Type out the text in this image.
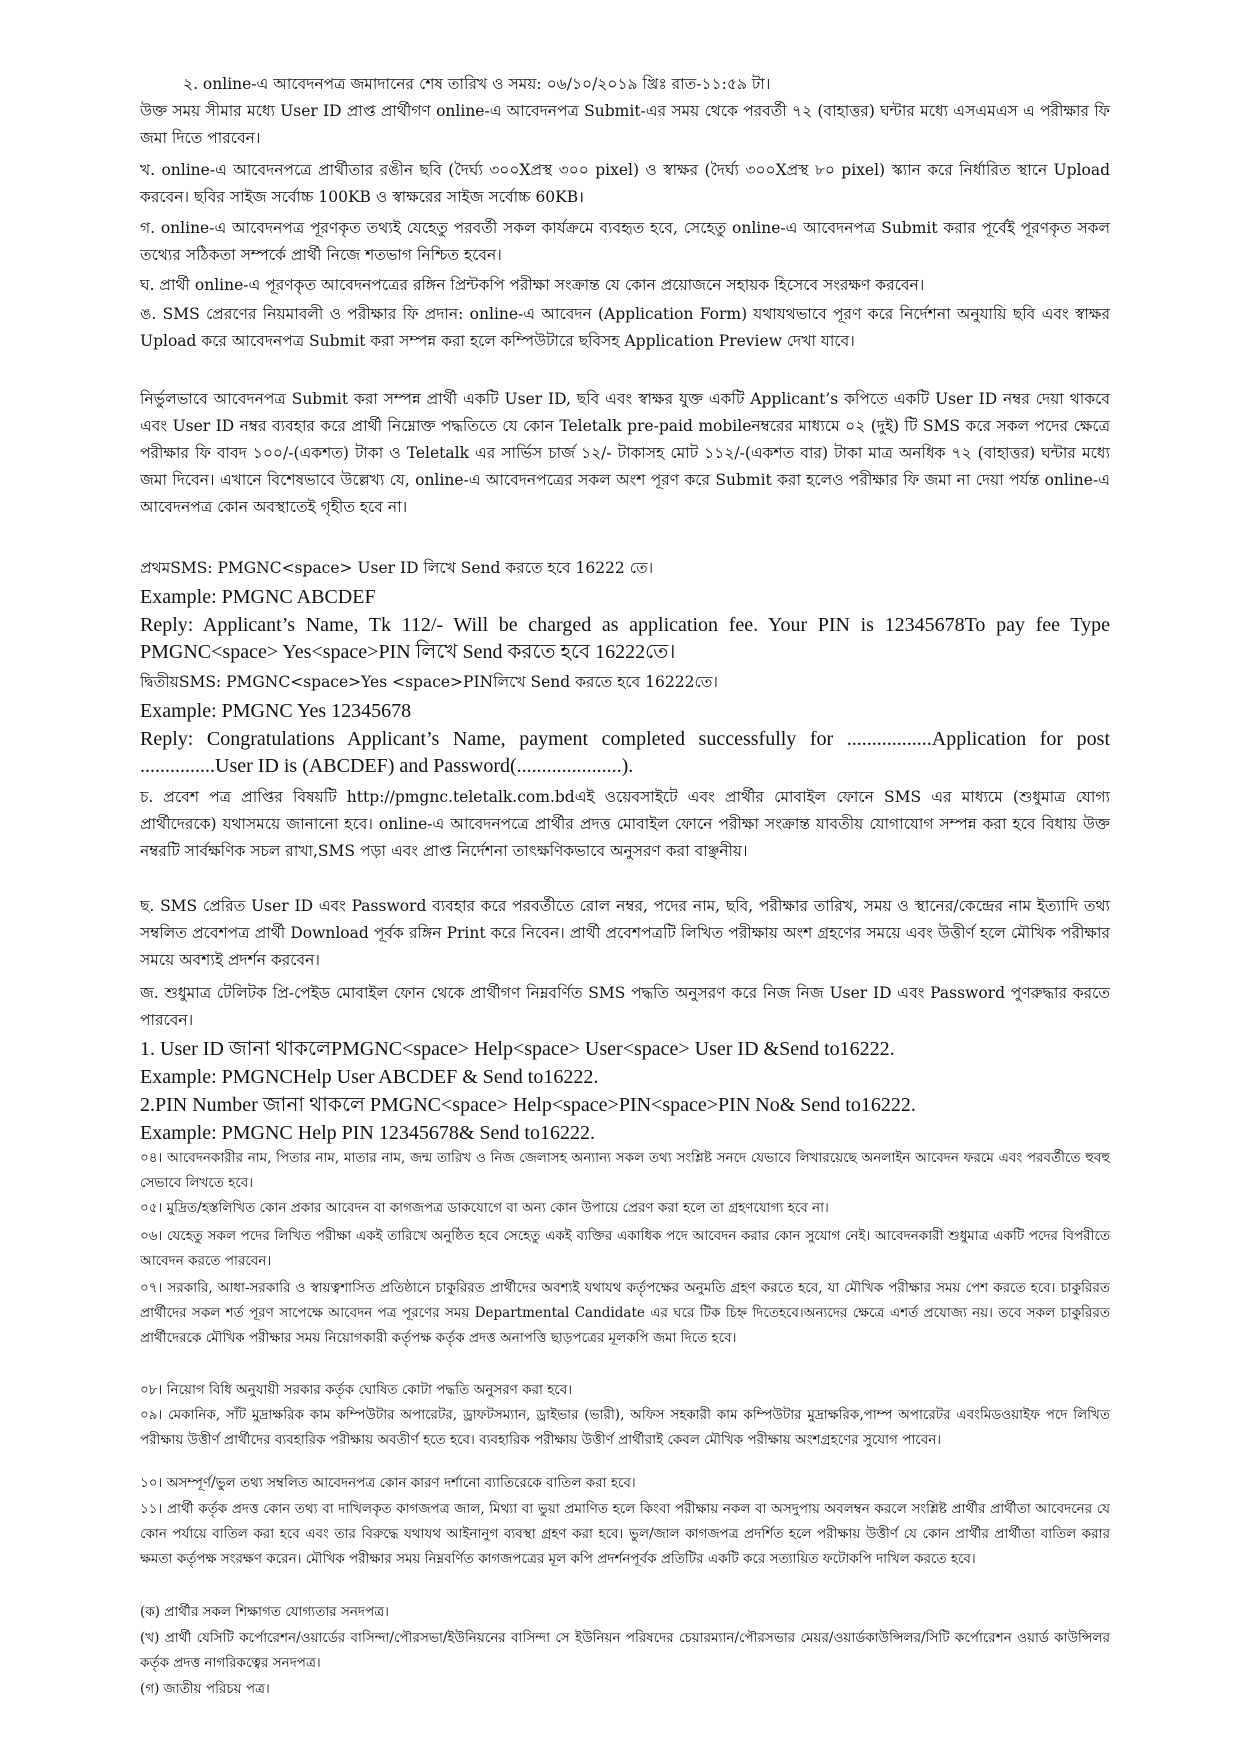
২. online-এ আবেদনপত্র জমাদানের শেষ তারিখ ও সময়: ০৬/১০/২০১৯ খ্রিঃ রাত-১১:৫৯ টা।

উক্ত সময় সীমার মধ্যে User ID প্রাপ্ত প্রার্থীগণ online-এ আবেদনপত্র Submit-এর সময় থেকে পরবর্তী ৭২ (বাহাত্তর) ঘন্টার মধ্যে এসএমএস এ পরীক্ষার ফি জমা দিতে পারবেন।

খ. online-এ আবেদনপত্রে প্রার্থীতার রঙীন ছবি (দৈর্ঘ্য ৩০০Xপ্রস্থ ৩০০ pixel) ও স্বাক্ষর (দৈর্ঘ্য ৩০০Xপ্রস্থ ৮০ pixel) স্ক্যান করে নির্ধারিত স্থানে Upload করবেন। ছবির সাইজ সর্বোচ্চ 100KB ও স্বাক্ষরের সাইজ সর্বোচ্চ 60KB।

গ. online-এ আবেদনপত্র পূরণকৃত তথ্যই যেহেতু পরবর্তী সকল কার্যক্রমে ব্যবহৃত হবে, সেহেতু online-এ আবেদনপত্র Submit করার পূর্বেই পূরণকৃত সকল তথ্যের সঠিকতা সম্পর্কে প্রার্থী নিজে শতভাগ নিশ্চিত হবেন।

ঘ. প্রার্থী online-এ পূরণকৃত আবেদনপত্রের রঙ্গিন প্রিন্টকপি পরীক্ষা সংক্রান্ত যে কোন প্রয়োজনে সহায়ক হিসেবে সংরক্ষণ করবেন।

ঙ. SMS প্রেরণের নিয়মাবলী ও পরীক্ষার ফি প্রদান: online-এ আবেদন (Application Form) যথাযথভাবে পূরণ করে নির্দেশনা অনুযায়ি ছবি এবং স্বাক্ষর Upload করে আবেদনপত্র Submit করা সম্পন্ন করা হলে কম্পিউটারে ছবিসহ Application Preview দেখা যাবে।

নির্ভুলভাবে আবেদনপত্র Submit করা সম্পন্ন প্রার্থী একটি User ID, ছবি এবং স্বাক্ষর যুক্ত একটি Applicant’s কপিতে একটি User ID নম্বর দেয়া থাকবে এবং User ID নম্বর ব্যবহার করে প্রার্থী নিম্নোক্ত পদ্ধতিতে যে কোন Teletalk pre-paid mobileনম্বরের মাধ্যমে ০২ (দুই) টি SMS করে সকল পদের ক্ষেত্রে পরীক্ষার ফি বাবদ ১০০/-(একশত) টাকা ও Teletalk এর সার্ভিস চার্জ ১২/- টাকাসহ মোট ১১২/-(একশত বার) টাকা মাত্র অনধিক ৭২ (বাহাত্তর) ঘন্টার মধ্যে জমা দিবেন। এখানে বিশেষভাবে উল্লেখ্য যে, online-এ আবেদনপত্রের সকল অংশ পূরণ করে Submit করা হলেও পরীক্ষার ফি জমা না দেয়া পর্যন্ত online-এ আবেদনপত্র কোন অবস্থাতেই গৃহীত হবে না।

প্রথমSMS: PMGNC<space> User ID লিখে Send করতে হবে 16222 তে।

Example: PMGNC ABCDEF

Reply: Applicant’s Name, Tk 112/- Will be charged as application fee. Your PIN is 12345678To pay fee Type PMGNC<space> Yes<space>PIN লিখে Send করতে হবে 16222তে।

দ্বিতীয়SMS: PMGNC<space>Yes <space>PINলিখে Send করতে হবে 16222তে।

Example: PMGNC Yes 12345678

Reply: Congratulations Applicant’s Name, payment completed successfully for .................Application for post ...............User ID is (ABCDEF) and Password(.....................).

চ. প্রবেশ পত্র প্রাপ্তির বিষয়টি http://pmgnc.teletalk.com.bdএই ওয়েবসাইটে এবং প্রার্থীর মোবাইল ফোনে SMS এর মাধ্যমে (শুধুমাত্র যোগ্য প্রার্থীদেরকে) যথাসময়ে জানানো হবে। online-এ আবেদনপত্রে প্রার্থীর প্রদত্ত মোবাইল ফোনে পরীক্ষা সংক্রান্ত যাবতীয় যোগাযোগ সম্পন্ন করা হবে বিধায় উক্ত নম্বরটি সার্বক্ষণিক সচল রাখা,SMS পড়া এবং প্রাপ্ত নির্দেশনা তাৎক্ষণিকভাবে অনুসরণ করা বাঞ্ছনীয়।

ছ. SMS প্রেরিত User ID এবং Password ব্যবহার করে পরবর্তীতে রোল নম্বর, পদের নাম, ছবি, পরীক্ষার তারিখ, সময় ও স্থানের/কেন্দ্রের নাম ইত্যাদি তথ্য সম্বলিত প্রবেশপত্র প্রার্থী Download পূর্বক রঙ্গিন Print করে নিবেন। প্রার্থী প্রবেশপত্রটি লিখিত পরীক্ষায় অংশ গ্রহণের সময়ে এবং উত্তীর্ণ হলে মৌখিক পরীক্ষার সময়ে অবশ্যই প্রদর্শন করবেন।

জ. শুধুমাত্র টেলিটক প্রি-পেইড মোবাইল ফোন থেকে প্রার্থীগণ নিম্নবর্ণিত SMS পদ্ধতি অনুসরণ করে নিজ নিজ User ID এবং Password পুণরুদ্ধার করতে পারবেন।

1. User ID জানা থাকলেPMGNC<space> Help<space> User<space> User ID &Send to16222.

Example: PMGNCHelp User ABCDEF & Send to16222.

2.PIN Number জানা থাকলে PMGNC<space> Help<space>PIN<space>PIN No& Send to16222.

Example: PMGNC Help PIN 12345678& Send to16222.

০৪। আবেদনকারীর নাম, পিতার নাম, মাতার নাম, জন্ম তারিখ ও নিজ জেলাসহ অন্যান্য সকল তথ্য সংশ্লিষ্ট সনদে যেভাবে লিখারয়েছে অনলাইন আবেদন ফরমে এবং পরবর্তীতে হুবহু সেভাবে লিখতে হবে।

০৫। মুদ্রিত/হস্তলিখিত কোন প্রকার আবেদন বা কাগজপত্র ডাকযোগে বা অন্য কোন উপায়ে প্রেরণ করা হলে তা গ্রহণযোগ্য হবে না।

০৬। যেহেতু সকল পদের লিখিত পরীক্ষা একই তারিখে অনুষ্ঠিত হবে সেহেতু একই ব্যক্তির একাধিক পদে আবেদন করার কোন সুযোগ নেই। আবেদনকারী শুধুমাত্র একটি পদের বিপরীতে আবেদন করতে পারবেন।

০৭। সরকারি, আধা-সরকারি ও স্বায়ত্বশাসিত প্রতিষ্ঠানে চাকুরিরত প্রার্থীদের অবশ্যই যথাযথ কর্তৃপক্ষের অনুমতি গ্রহণ করতে হবে, যা মৌখিক পরীক্ষার সময় পেশ করতে হবে। চাকুরিরত প্রার্থীদের সকল শর্ত পূরণ সাপেক্ষে আবেদন পত্র পূরণের সময় Departmental Candidate এর ঘরে টিক চিহ্ন দিতেহবে।অন্যদের ক্ষেত্রে এশর্ত প্রযোজ্য নয়। তবে সকল চাকুরিরত প্রার্থীদেরকে মৌখিক পরীক্ষার সময় নিয়োগকারী কর্তৃপক্ষ কর্তৃক প্রদত্ত অনাপত্তি ছাড়পত্রের মূলকপি জমা দিতে হবে।

০৮। নিয়োগ বিধি অনুযায়ী সরকার কর্তৃক ঘোষিত কোটা পদ্ধতি অনুসরণ করা হবে।

০৯। মেকানিক, সাঁট মুদ্রাক্ষরিক কাম কম্পিউটার অপারেটর, ড্রাফটসম্যান, ড্রাইভার (ভারী), অফিস সহকারী কাম কম্পিউটার মুদ্রাক্ষরিক,পাম্প অপারেটর এবংমিডওয়াইফ পদে লিখিত পরীক্ষায় উত্তীর্ণ প্রার্থীদের ব্যবহারিক পরীক্ষায় অবতীর্ণ হতে হবে। ব্যবহারিক পরীক্ষায় উত্তীর্ণ প্রার্থীরাই কেবল মৌখিক পরীক্ষায় অংশগ্রহণের সুযোগ পাবেন।

১০। অসম্পূর্ণ/ভুল তথ্য সম্বলিত আবেদনপত্র কোন কারণ দর্শানো ব্যাতিরেকে বাতিল করা হবে।

১১। প্রার্থী কর্তৃক প্রদত্ত কোন তথ্য বা দাখিলকৃত কাগজপত্র জাল, মিথ্যা বা ভুয়া প্রমাণিত হলে কিংবা পরীক্ষায় নকল বা অসদুপায় অবলম্বন করলে সংশ্লিষ্ট প্রার্থীর প্রার্থীতা আবেদনের যে কোন পর্যায়ে বাতিল করা হবে এবং তার বিরুদ্ধে যথাযথ আইনানুগ ব্যবস্থা গ্রহণ করা হবে। ভুল/জাল কাগজপত্র প্রদর্শিত হলে পরীক্ষায় উত্তীর্ণ যে কোন প্রার্থীর প্রার্থীতা বাতিল করার ক্ষমতা কর্তৃপক্ষ সংরক্ষণ করেন। মৌখিক পরীক্ষার সময় নিম্নবর্ণিত কাগজপত্রের মূল কপি প্রদর্শনপূর্বক প্রতিটির একটি করে সত্যায়িত ফটোকপি দাখিল করতে হবে।

(ক) প্রার্থীর সকল শিক্ষাগত যোগ্যতার সনদপত্র।

(খ) প্রার্থী যেসিটি কর্পোরেশন/ওয়ার্ডের বাসিন্দা/পৌরসভা/ইউনিয়নের বাসিন্দা সে ইউনিয়ন পরিষদের চেয়ারম্যান/পৌরসভার মেয়র/ওয়ার্ডকাউন্সিলর/সিটি কর্পোরেশন ওয়ার্ড কাউন্সিলর কর্তৃক প্রদত্ত নাগরিকত্বের সনদপত্র।

(গ) জাতীয় পরিচয় পত্র।
